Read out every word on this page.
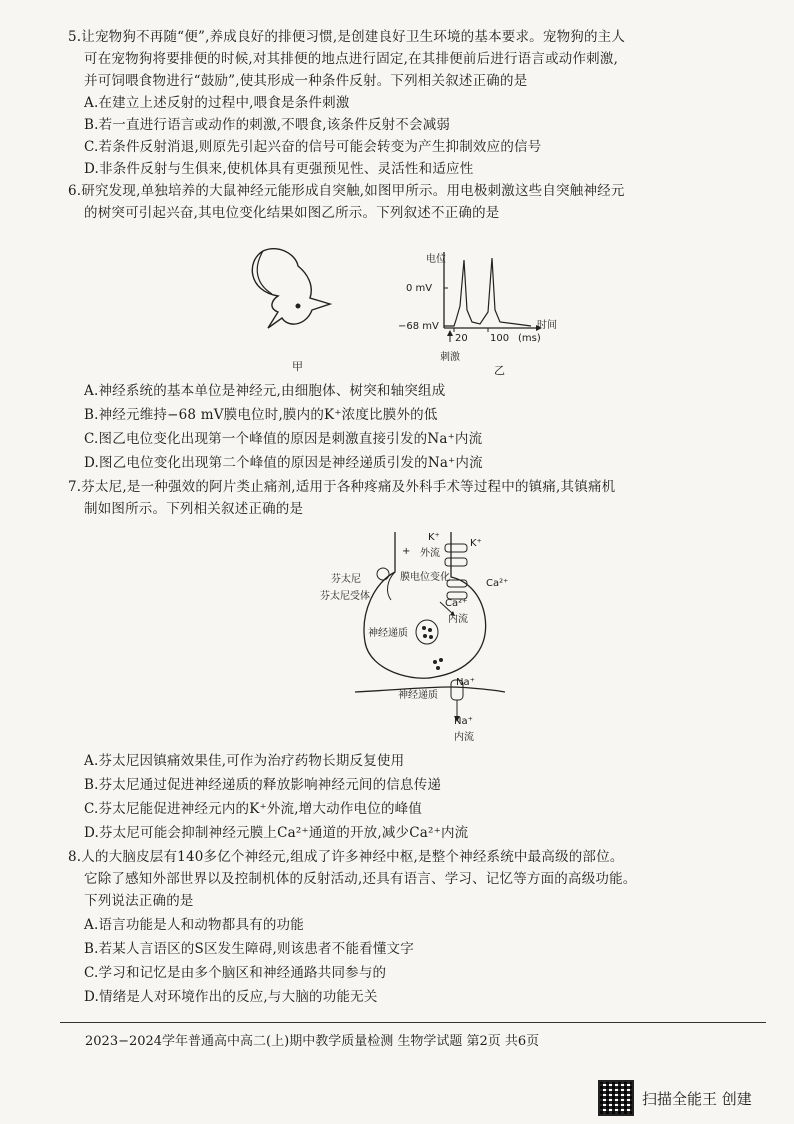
5.让宠物狗不再随“便”,养成良好的排便习惯,是创建良好卫生环境的基本要求。宠物狗的主人
可在宠物狗将要排便的时候,对其排便的地点进行固定,在其排便前后进行语言或动作刺激,
并可饲喂食物进行“鼓励”,使其形成一种条件反射。下列相关叙述正确的是
A.在建立上述反射的过程中,喂食是条件刺激
B.若一直进行语言或动作的刺激,不喂食,该条件反射不会减弱
C.若条件反射消退,则原先引起兴奋的信号可能会转变为产生抑制效应的信号
D.非条件反射与生俱来,使机体具有更强预见性、灵活性和适应性
6.研究发现,单独培养的大鼠神经元能形成自突触,如图甲所示。用电极刺激这些自突触神经元
的树突可引起兴奋,其电位变化结果如图乙所示。下列叙述不正确的是
甲
电位
0 mV
−68 mV	时间
20 100 (ms)
刺激
乙
A.神经系统的基本单位是神经元,由细胞体、树突和轴突组成
B.神经元维持−68 mV膜电位时,膜内的K⁺浓度比膜外的低
C.图乙电位变化出现第一个峰值的原因是刺激直接引发的Na⁺内流
D.图乙电位变化出现第二个峰值的原因是神经递质引发的Na⁺内流
7.芬太尼,是一种强效的阿片类止痛剂,适用于各种疼痛及外科手术等过程中的镇痛,其镇痛机
制如图所示。下列相关叙述正确的是
K⁺
外流
K⁺
+
芬太尼
芬太尼受体
膜电位变化
Ca²⁺
Ca²⁺
内流
神经递质
神经递质
Na⁺
Na⁺
内流
A.芬太尼因镇痛效果佳,可作为治疗药物长期反复使用
B.芬太尼通过促进神经递质的释放影响神经元间的信息传递
C.芬太尼能促进神经元内的K⁺外流,增大动作电位的峰值
D.芬太尼可能会抑制神经元膜上Ca²⁺通道的开放,减少Ca²⁺内流
8.人的大脑皮层有140多亿个神经元,组成了许多神经中枢,是整个神经系统中最高级的部位。
它除了感知外部世界以及控制机体的反射活动,还具有语言、学习、记忆等方面的高级功能。
下列说法正确的是
A.语言功能是人和动物都具有的功能
B.若某人言语区的S区发生障碍,则该患者不能看懂文字
C.学习和记忆是由多个脑区和神经通路共同参与的
D.情绪是人对环境作出的反应,与大脑的功能无关
2023−2024学年普通高中高二(上)期中教学质量检测 生物学试题 第2页 共6页
扫描全能王 创建
